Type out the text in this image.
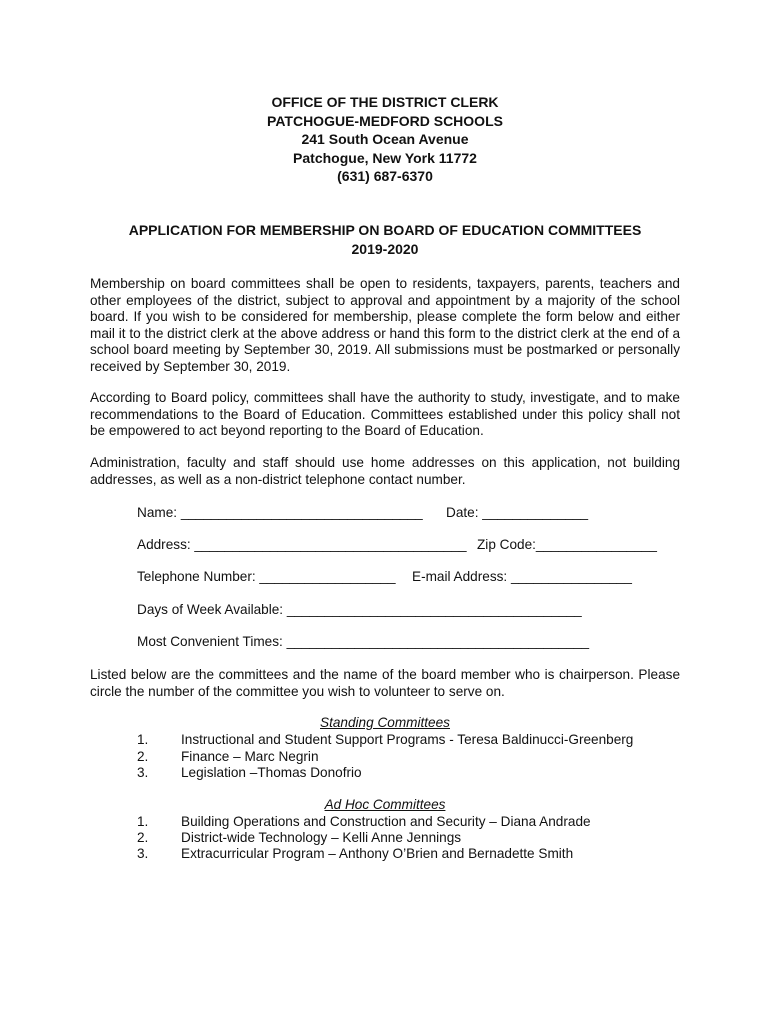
OFFICE OF THE DISTRICT CLERK
PATCHOGUE-MEDFORD SCHOOLS
241 South Ocean Avenue
Patchogue, New York 11772
(631) 687-6370
APPLICATION FOR MEMBERSHIP ON BOARD OF EDUCATION COMMITTEES
2019-2020
Membership on board committees shall be open to residents, taxpayers, parents, teachers and other employees of the district, subject to approval and appointment by a majority of the school board. If you wish to be considered for membership, please complete the form below and either mail it to the district clerk at the above address or hand this form to the district clerk at the end of a school board meeting by September 30, 2019. All submissions must be postmarked or personally received by September 30, 2019.
According to Board policy, committees shall have the authority to study, investigate, and to make recommendations to the Board of Education. Committees established under this policy shall not be empowered to act beyond reporting to the Board of Education.
Administration, faculty and staff should use home addresses on this application, not building addresses, as well as a non-district telephone contact number.
Name: ________________________________ Date: ______________
Address: ____________________________________ Zip Code:________________
Telephone Number: __________________ E-mail Address: ________________
Days of Week Available: _______________________________________
Most Convenient Times: ________________________________________
Listed below are the committees and the name of the board member who is chairperson. Please circle the number of the committee you wish to volunteer to serve on.
Standing Committees
1. Instructional and Student Support Programs - Teresa Baldinucci-Greenberg
2. Finance – Marc Negrin
3. Legislation –Thomas Donofrio
Ad Hoc Committees
1. Building Operations and Construction and Security – Diana Andrade
2. District-wide Technology – Kelli Anne Jennings
3. Extracurricular Program – Anthony O’Brien and Bernadette Smith
